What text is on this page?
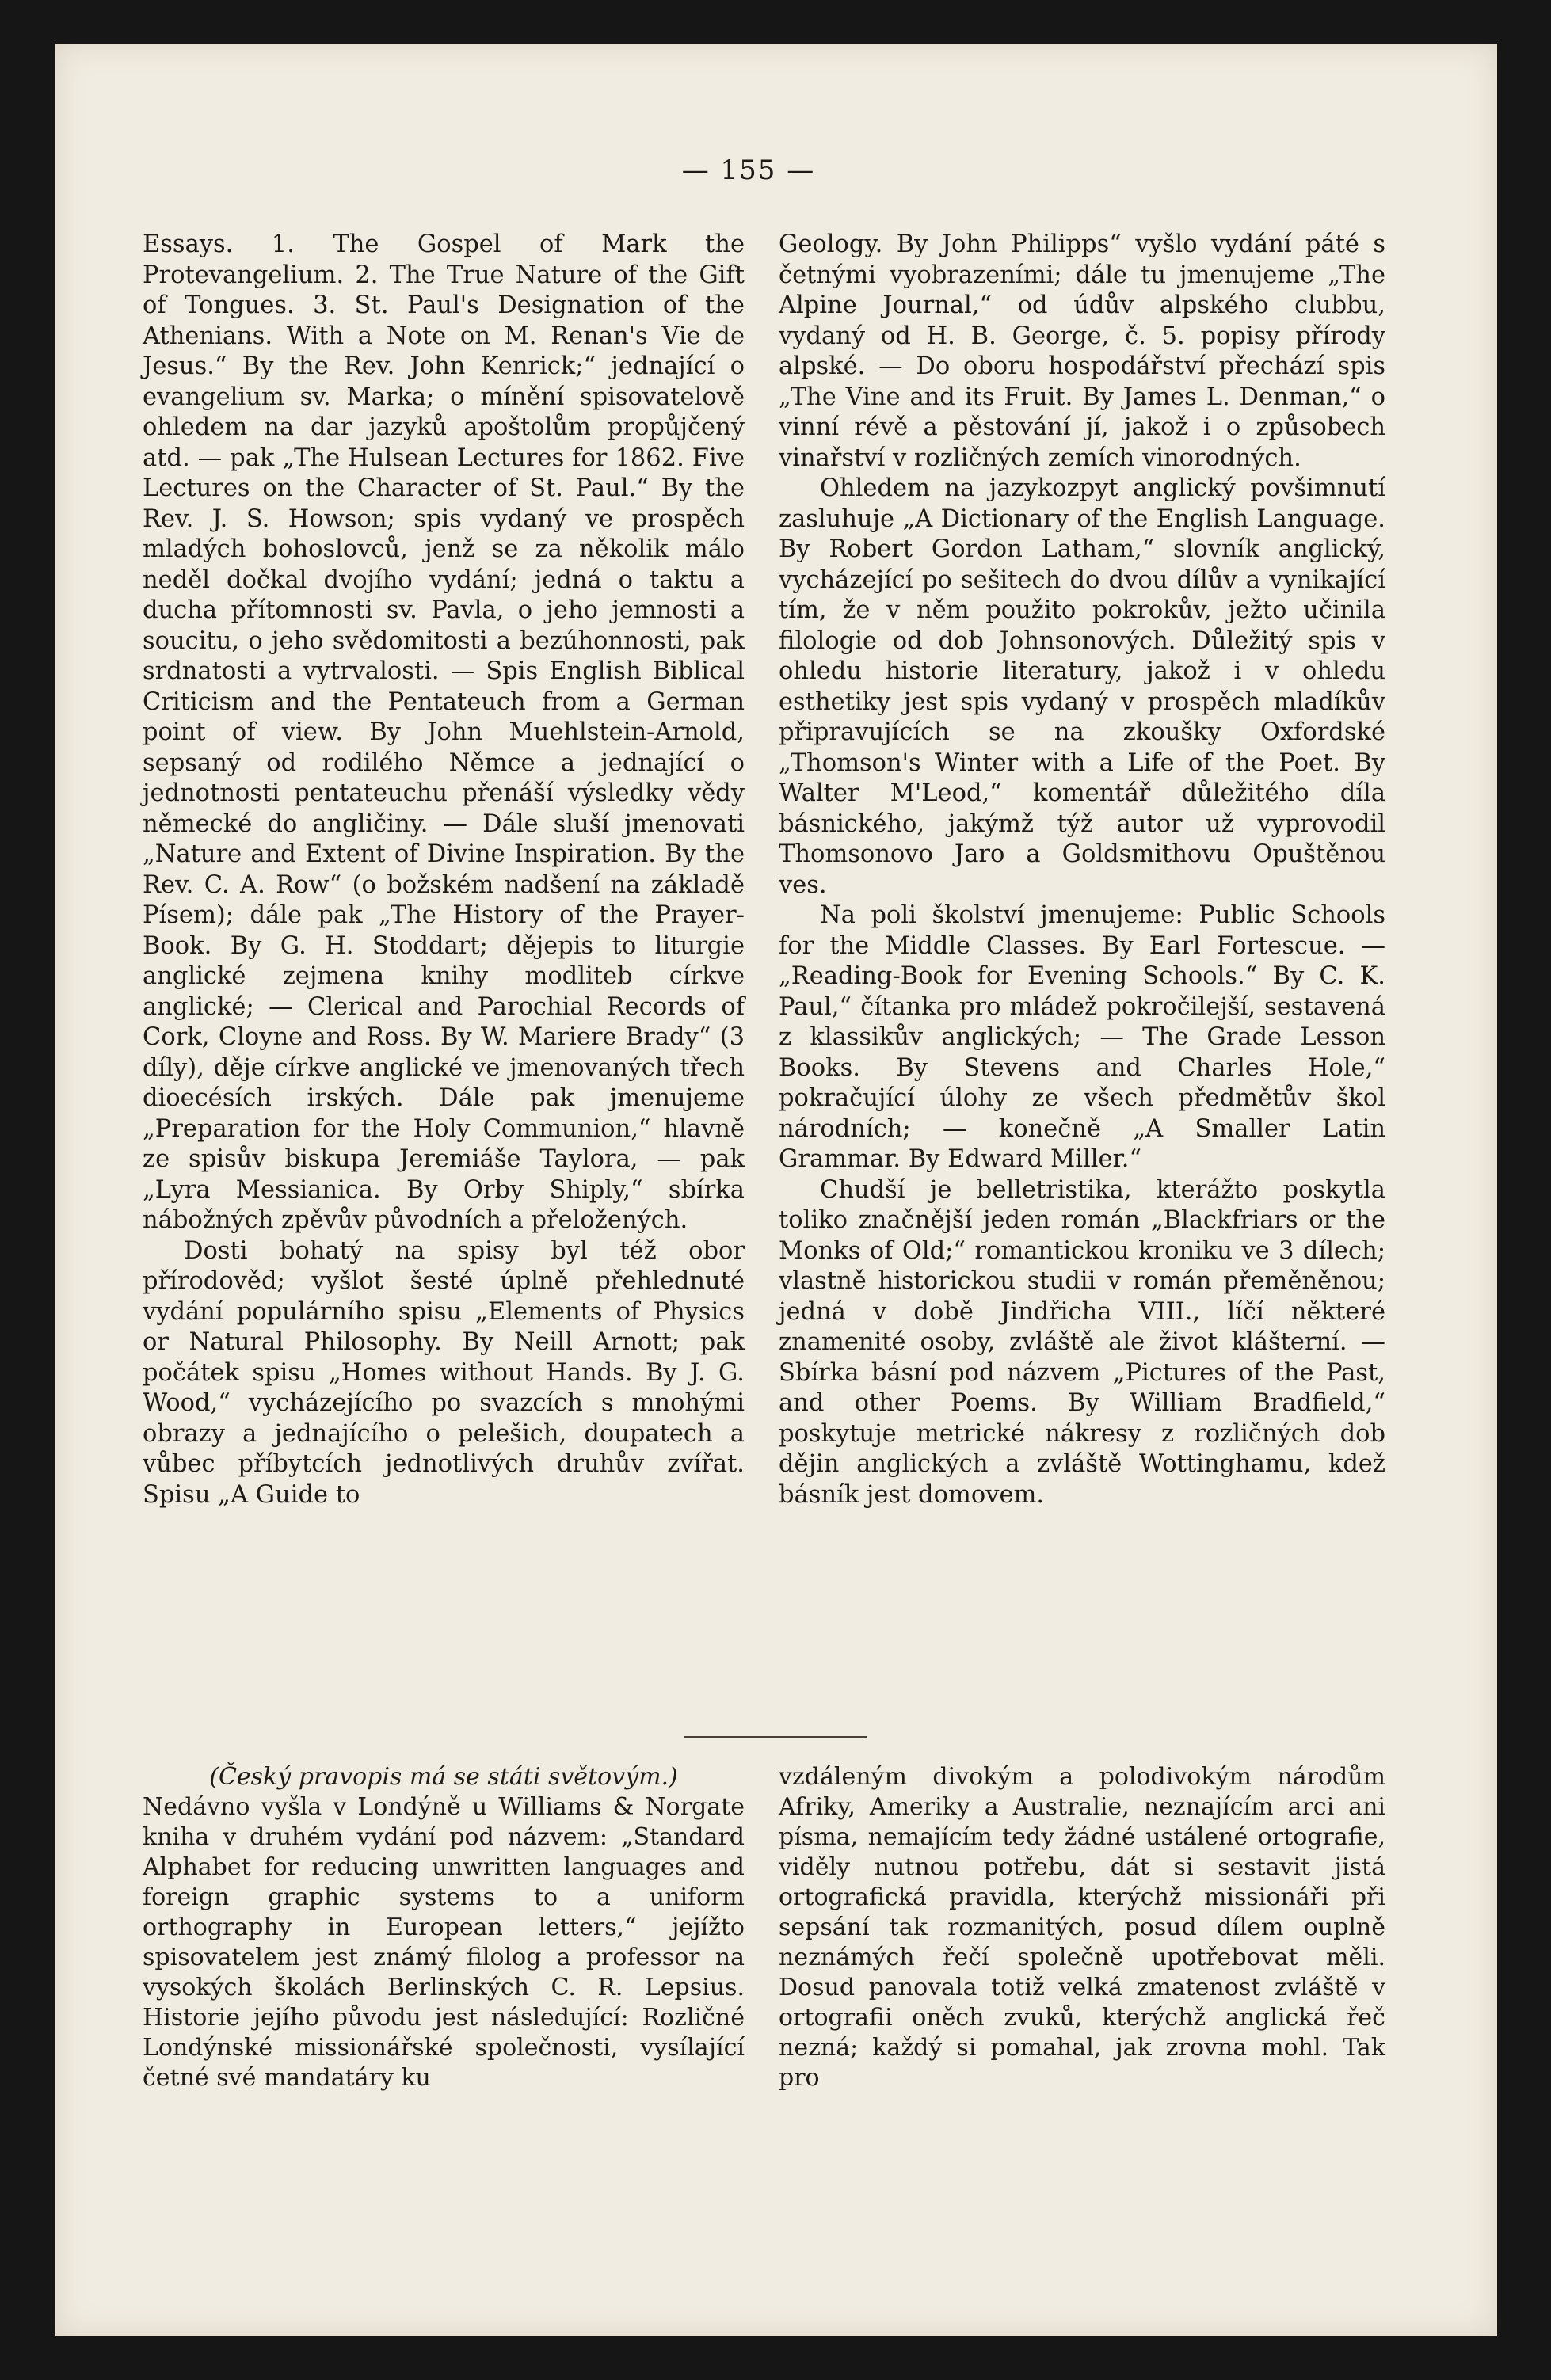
— 155 —

Essays. 1. The Gospel of Mark the Protevangelium. 2. The True Nature of the Gift of Tongues. 3. St. Paul's Designation of the Athenians. With a Note on M. Renan's Vie de Jesus.“ By the Rev. John Kenrick;“ jednající o evangelium sv. Marka; o mínění spisovatelově ohledem na dar jazyků apoštolům propůjčený atd. — pak „The Hulsean Lectures for 1862. Five Lectures on the Character of St. Paul.“ By the Rev. J. S. Howson; spis vydaný ve prospěch mladých bohoslovců, jenž se za několik málo neděl dočkal dvojího vydání; jedná o taktu a ducha přítomnosti sv. Pavla, o jeho jemnosti a soucitu, o jeho svědomitosti a bezúhonnosti, pak srdnatosti a vytrvalosti. — Spis English Biblical Criticism and the Pentateuch from a German point of view. By John Muehlstein-Arnold, sepsaný od rodilého Němce a jednající o jednotnosti pentateuchu přenáší výsledky vědy německé do angličiny. — Dále sluší jmenovati „Nature and Extent of Divine Inspiration. By the Rev. C. A. Row“ (o božském nadšení na základě Písem); dále pak „The History of the Prayer-Book. By G. H. Stoddart; dějepis to liturgie anglické zejmena knihy modliteb církve anglické; — Clerical and Parochial Records of Cork, Cloyne and Ross. By W. Mariere Brady“ (3 díly), děje církve anglické ve jmenovaných třech dioecésích irských. Dále pak jmenujeme „Preparation for the Holy Communion,“ hlavně ze spisův biskupa Jeremiáše Taylora, — pak „Lyra Messianica. By Orby Shiply,“ sbírka nábožných zpěvův původních a přeložených.

Dosti bohatý na spisy byl též obor přírodověd; vyšlot šesté úplně přehlednuté vydání populárního spisu „Elements of Physics or Natural Philosophy. By Neill Arnott; pak počátek spisu „Homes without Hands. By J. G. Wood,“ vycházejícího po svazcích s mnohými obrazy a jednajícího o pelešich, doupatech a vůbec příbytcích jednotlivých druhův zvířat. Spisu „A Guide to

Geology. By John Philipps“ vyšlo vydání páté s četnými vyobrazeními; dále tu jmenujeme „The Alpine Journal,“ od údův alpského clubbu, vydaný od H. B. George, č. 5. popisy přírody alpské. — Do oboru hospodářství přechází spis „The Vine and its Fruit. By James L. Denman,“ o vinní révě a pěstování jí, jakož i o způsobech vinařství v rozličných zemích vinorodných.

Ohledem na jazykozpyt anglický povšimnutí zasluhuje „A Dictionary of the English Language. By Robert Gordon Latham,“ slovník anglický, vycházející po sešitech do dvou dílův a vynikající tím, že v něm použito pokrokův, ježto učinila filologie od dob Johnsonových. Důležitý spis v ohledu historie literatury, jakož i v ohledu esthetiky jest spis vydaný v prospěch mladíkův připravujících se na zkoušky Oxfordské „Thomson's Winter with a Life of the Poet. By Walter M'Leod,“ komentář důležitého díla básnického, jakýmž týž autor už vyprovodil Thomsonovo Jaro a Goldsmithovu Opuštěnou ves.

Na poli školství jmenujeme: Public Schools for the Middle Classes. By Earl Fortescue. — „Reading-Book for Evening Schools.“ By C. K. Paul,“ čítanka pro mládež pokročilejší, sestavená z klassikův anglických; — The Grade Lesson Books. By Stevens and Charles Hole,“ pokračující úlohy ze všech předmětův škol národních; — konečně „A Smaller Latin Grammar. By Edward Miller.“

Chudší je belletristika, kterážto poskytla toliko značnější jeden román „Blackfriars or the Monks of Old;“ romantickou kroniku ve 3 dílech; vlastně historickou studii v román přeměněnou; jedná v době Jindřicha VIII., líčí některé znamenité osoby, zvláště ale život klášterní. — Sbírka básní pod názvem „Pictures of the Past, and other Poems. By William Bradfield,“ poskytuje metrické nákresy z rozličných dob dějin anglických a zvláště Wottinghamu, kdež básník jest domovem.

(Český pravopis má se státi světovým.)

Nedávno vyšla v Londýně u Williams & Norgate kniha v druhém vydání pod názvem: „Standard Alphabet for reducing unwritten languages and foreign graphic systems to a uniform orthography in European letters,“ jejížto spisovatelem jest známý filolog a professor na vysokých školách Berlinských C. R. Lepsius. Historie jejího původu jest následující: Rozličné Londýnské missionářské společnosti, vysílající četné své mandatáry ku

vzdáleným divokým a polodivokým národům Afriky, Ameriky a Australie, neznajícím arci ani písma, nemajícím tedy žádné ustálené ortografie, viděly nutnou potřebu, dát si sestavit jistá ortografická pravidla, kterýchž missionáři při sepsání tak rozmanitých, posud dílem ouplně neznámých řečí společně upotřebovat měli. Dosud panovala totiž velká zmatenost zvláště v ortografii oněch zvuků, kterýchž anglická řeč nezná; každý si pomahal, jak zrovna mohl. Tak pro
